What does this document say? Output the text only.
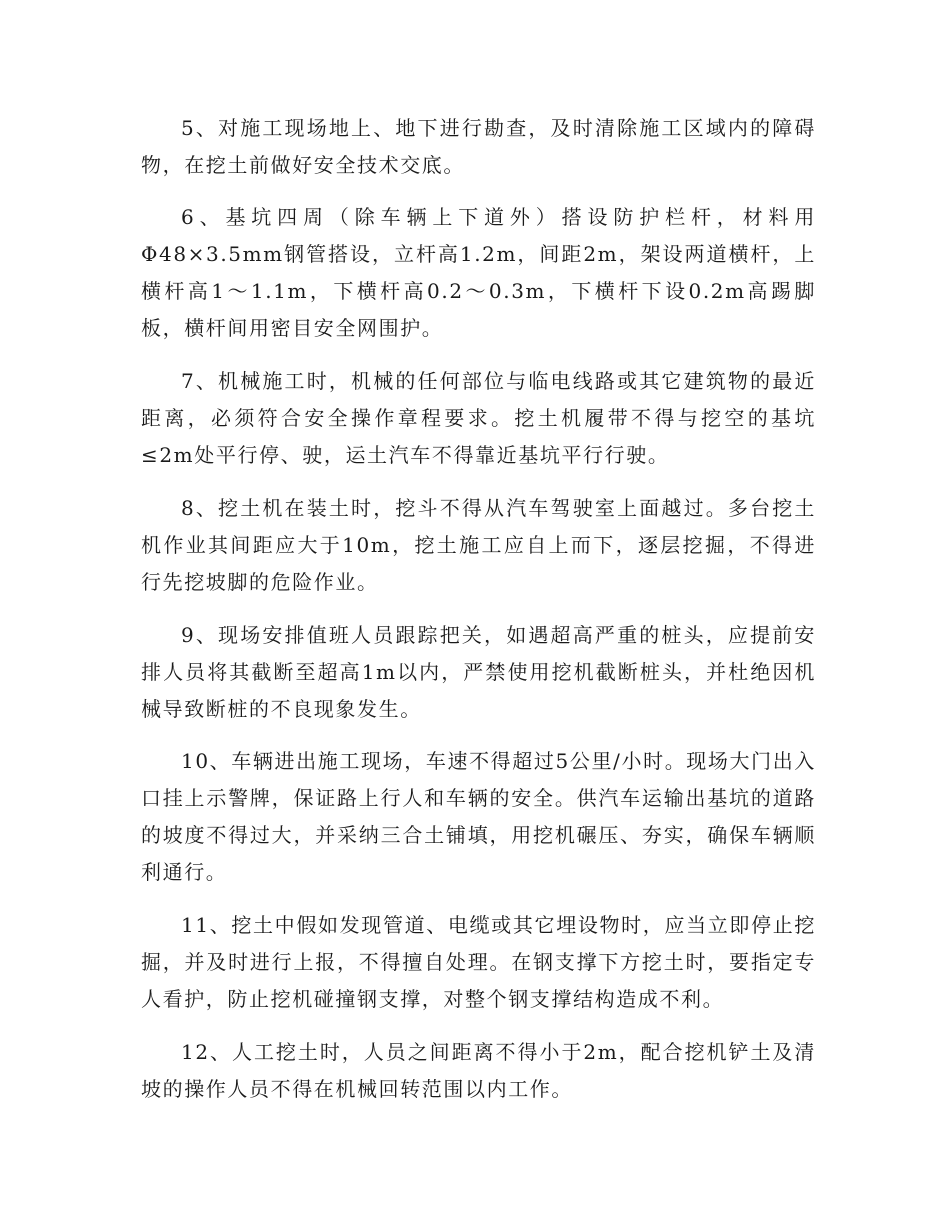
5、对施工现场地上、地下进行勘查，及时清除施工区域内的障碍物，在挖土前做好安全技术交底。

6、基坑四周（除车辆上下道外）搭设防护栏杆，材料用Φ48×3.5mm钢管搭设，立杆高1.2m，间距2m，架设两道横杆，上横杆高1～1.1m，下横杆高0.2～0.3m，下横杆下设0.2m高踢脚板，横杆间用密目安全网围护。

7、机械施工时，机械的任何部位与临电线路或其它建筑物的最近距离，必须符合安全操作章程要求。挖土机履带不得与挖空的基坑≤2m处平行停、驶，运土汽车不得靠近基坑平行行驶。

8、挖土机在装土时，挖斗不得从汽车驾驶室上面越过。多台挖土机作业其间距应大于10m，挖土施工应自上而下，逐层挖掘，不得进行先挖坡脚的危险作业。

9、现场安排值班人员跟踪把关，如遇超高严重的桩头，应提前安排人员将其截断至超高1m以内，严禁使用挖机截断桩头，并杜绝因机械导致断桩的不良现象发生。

10、车辆进出施工现场，车速不得超过5公里/小时。现场大门出入口挂上示警牌，保证路上行人和车辆的安全。供汽车运输出基坑的道路的坡度不得过大，并采纳三合土铺填，用挖机碾压、夯实，确保车辆顺利通行。

11、挖土中假如发现管道、电缆或其它埋设物时，应当立即停止挖掘，并及时进行上报，不得擅自处理。在钢支撑下方挖土时，要指定专人看护，防止挖机碰撞钢支撑，对整个钢支撑结构造成不利。

12、人工挖土时，人员之间距离不得小于2m，配合挖机铲土及清坡的操作人员不得在机械回转范围以内工作。
